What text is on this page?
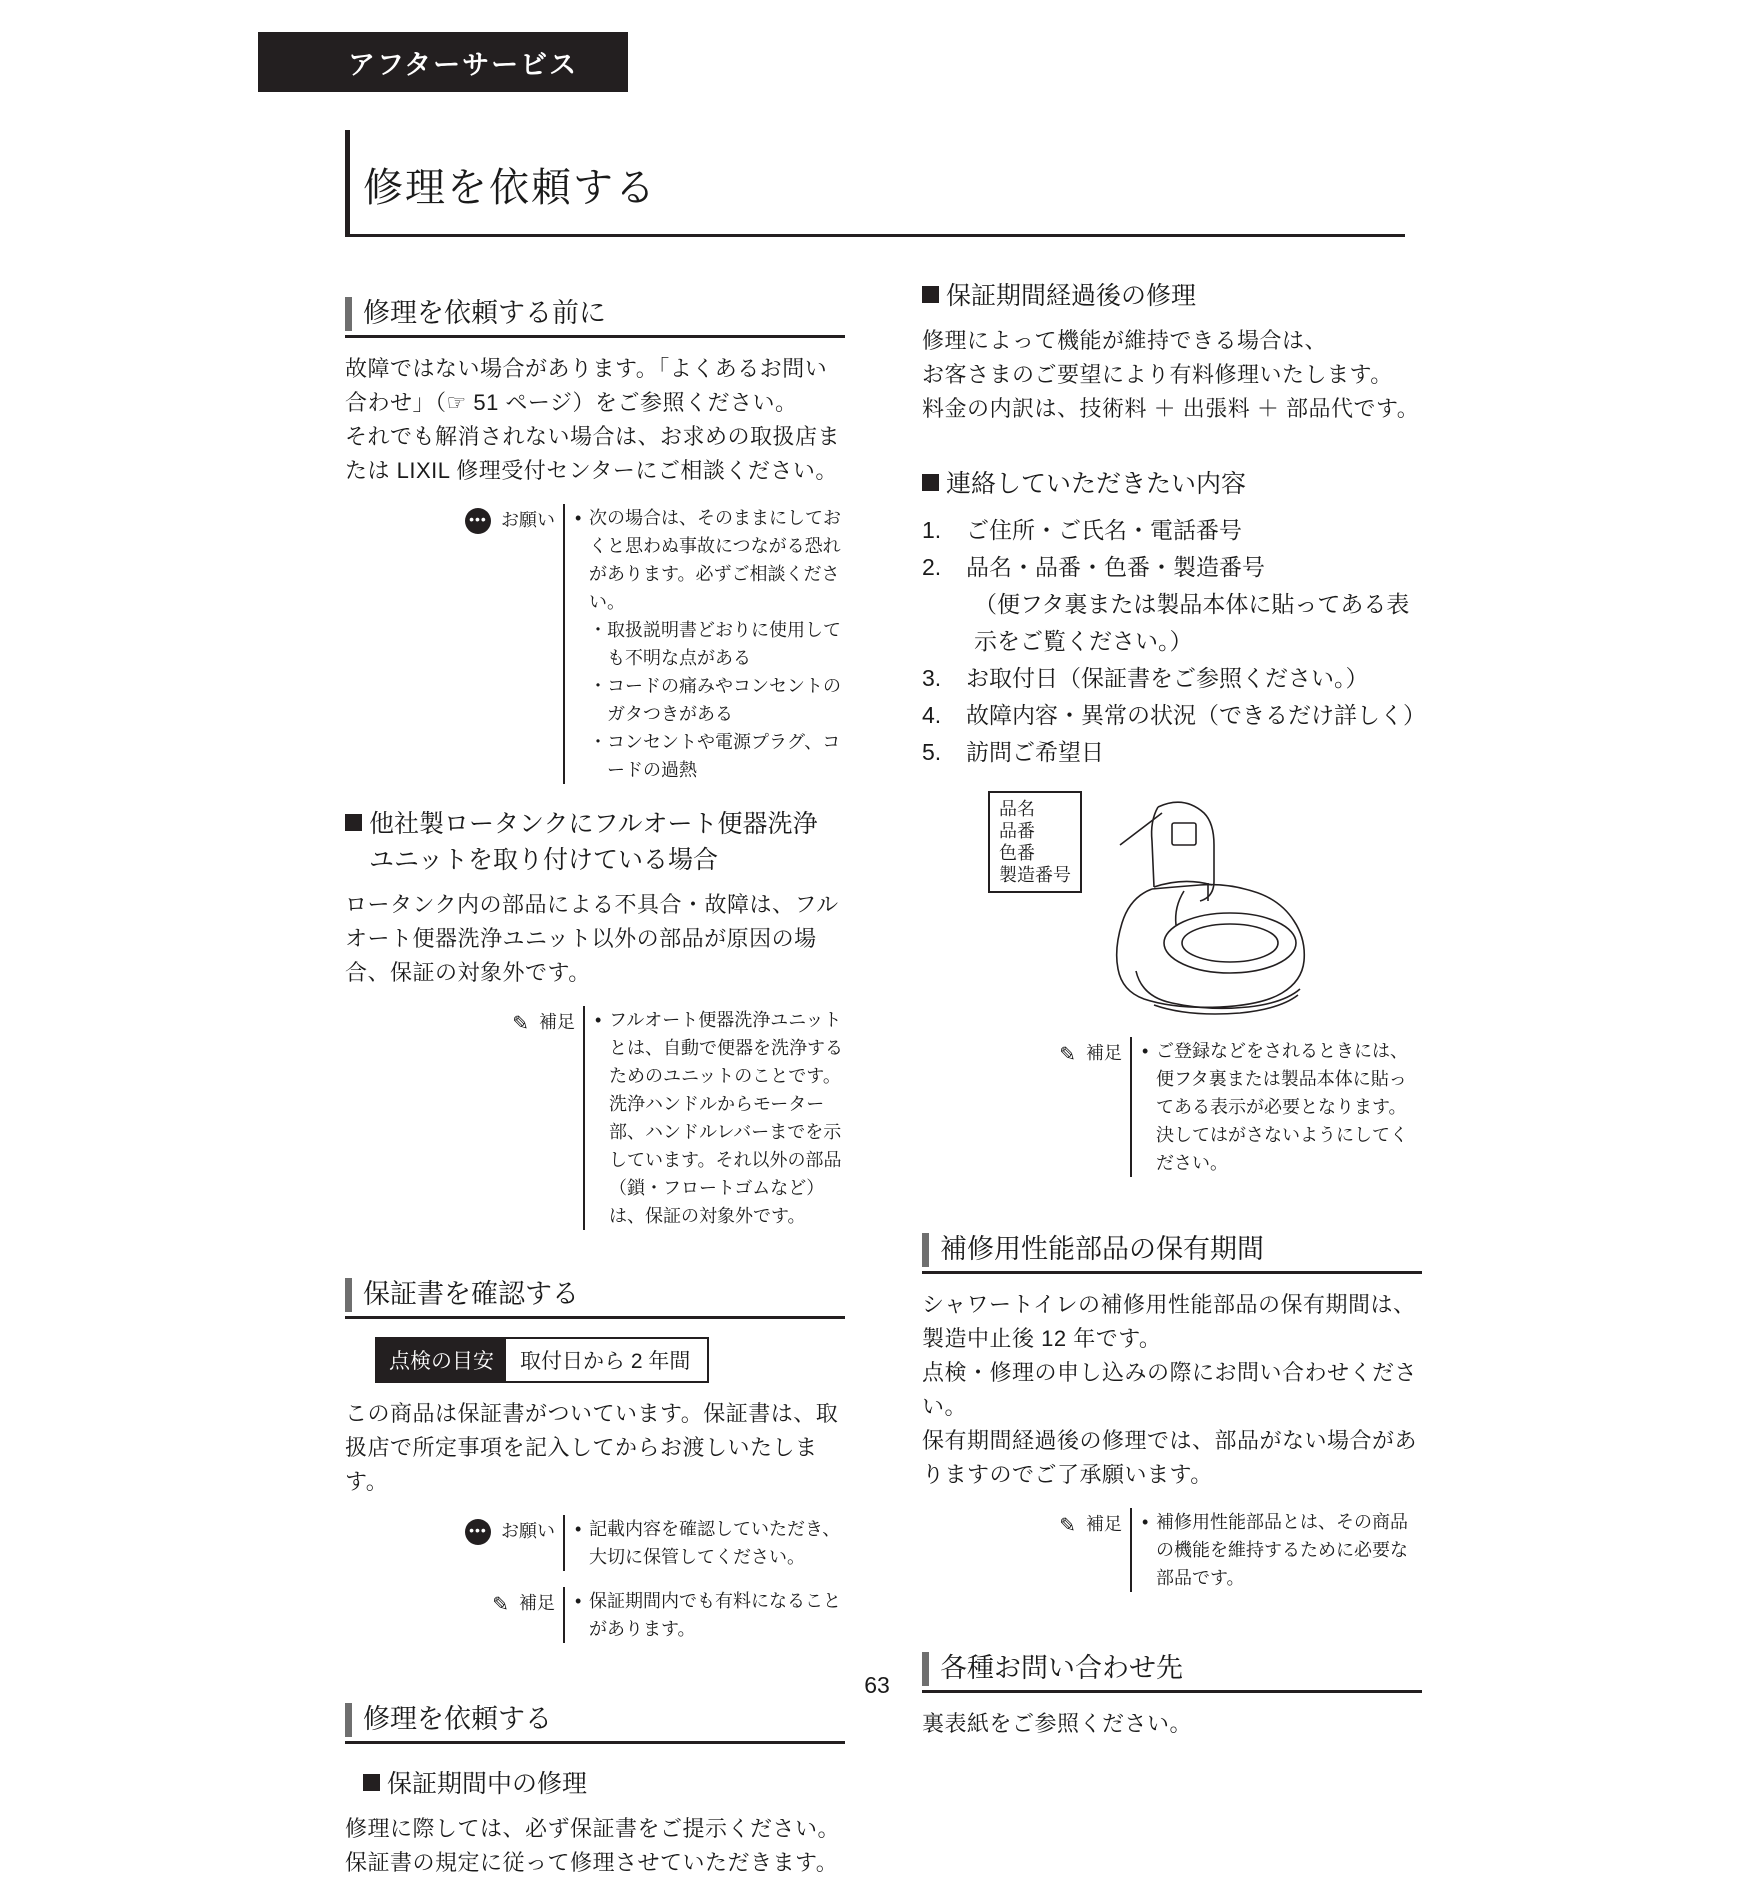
アフターサービス
修理を依頼する
修理を依頼する前に

故障ではない場合があります。「よくあるお問い合わせ」（☞ 51 ページ）をご参照ください。

それでも解消されない場合は、お求めの取扱店または LIXIL 修理受付センターにご相談ください。

••• お願い	• 次の場合は、そのままにしておくと思わぬ事故につながる恐れがあります。必ずご相談ください。
・ 取扱説明書どおりに使用しても不明な点がある
・ コードの痛みやコンセントのガタつきがある
・ コンセントや電源プラグ、コードの過熱
他社製ロータンクにフルオート便器洗浄
ユニットを取り付けている場合

ロータンク内の部品による不具合・故障は、フルオート便器洗浄ユニット以外の部品が原因の場合、保証の対象外です。

✎ 補足	• フルオート便器洗浄ユニットとは、自動で便器を洗浄するためのユニットのことです。洗浄ハンドルからモーター部、ハンドルレバーまでを示しています。それ以外の部品（鎖・フロートゴムなど）は、保証の対象外です。
保証書を確認する
点検の目安	取付日から 2 年間

この商品は保証書がついています。保証書は、取扱店で所定事項を記入してからお渡しいたします。

••• お願い	• 記載内容を確認していただき、大切に保管してください。
✎ 補足	• 保証期間内でも有料になることがあります。
修理を依頼する
保証期間中の修理

修理に際しては、必ず保証書をご提示ください。

保証書の規定に従って修理させていただきます。

保証期間経過後の修理

修理によって機能が維持できる場合は、

お客さまのご要望により有料修理いたします。

料金の内訳は、技術料 ＋ 出張料 ＋ 部品代です。

連絡していただきたい内容
1.	ご住所・ご氏名・電話番号
2.	品名・品番・色番・製造番号
（便フタ裏または製品本体に貼ってある表示をご覧ください。）
3.	お取付日（保証書をご参照ください。）
4.	故障内容・異常の状況（できるだけ詳しく）
5.	訪問ご希望日
品名
品番
色番
製造番号
✎ 補足	• ご登録などをされるときには、便フタ裏または製品本体に貼ってある表示が必要となります。決してはがさないようにしてください。
補修用性能部品の保有期間

シャワートイレの補修用性能部品の保有期間は、製造中止後 12 年です。

点検・修理の申し込みの際にお問い合わせください。

保有期間経過後の修理では、部品がない場合がありますのでご了承願います。

✎ 補足	• 補修用性能部品とは、その商品の機能を維持するために必要な部品です。
各種お問い合わせ先

裏表紙をご参照ください。

63
